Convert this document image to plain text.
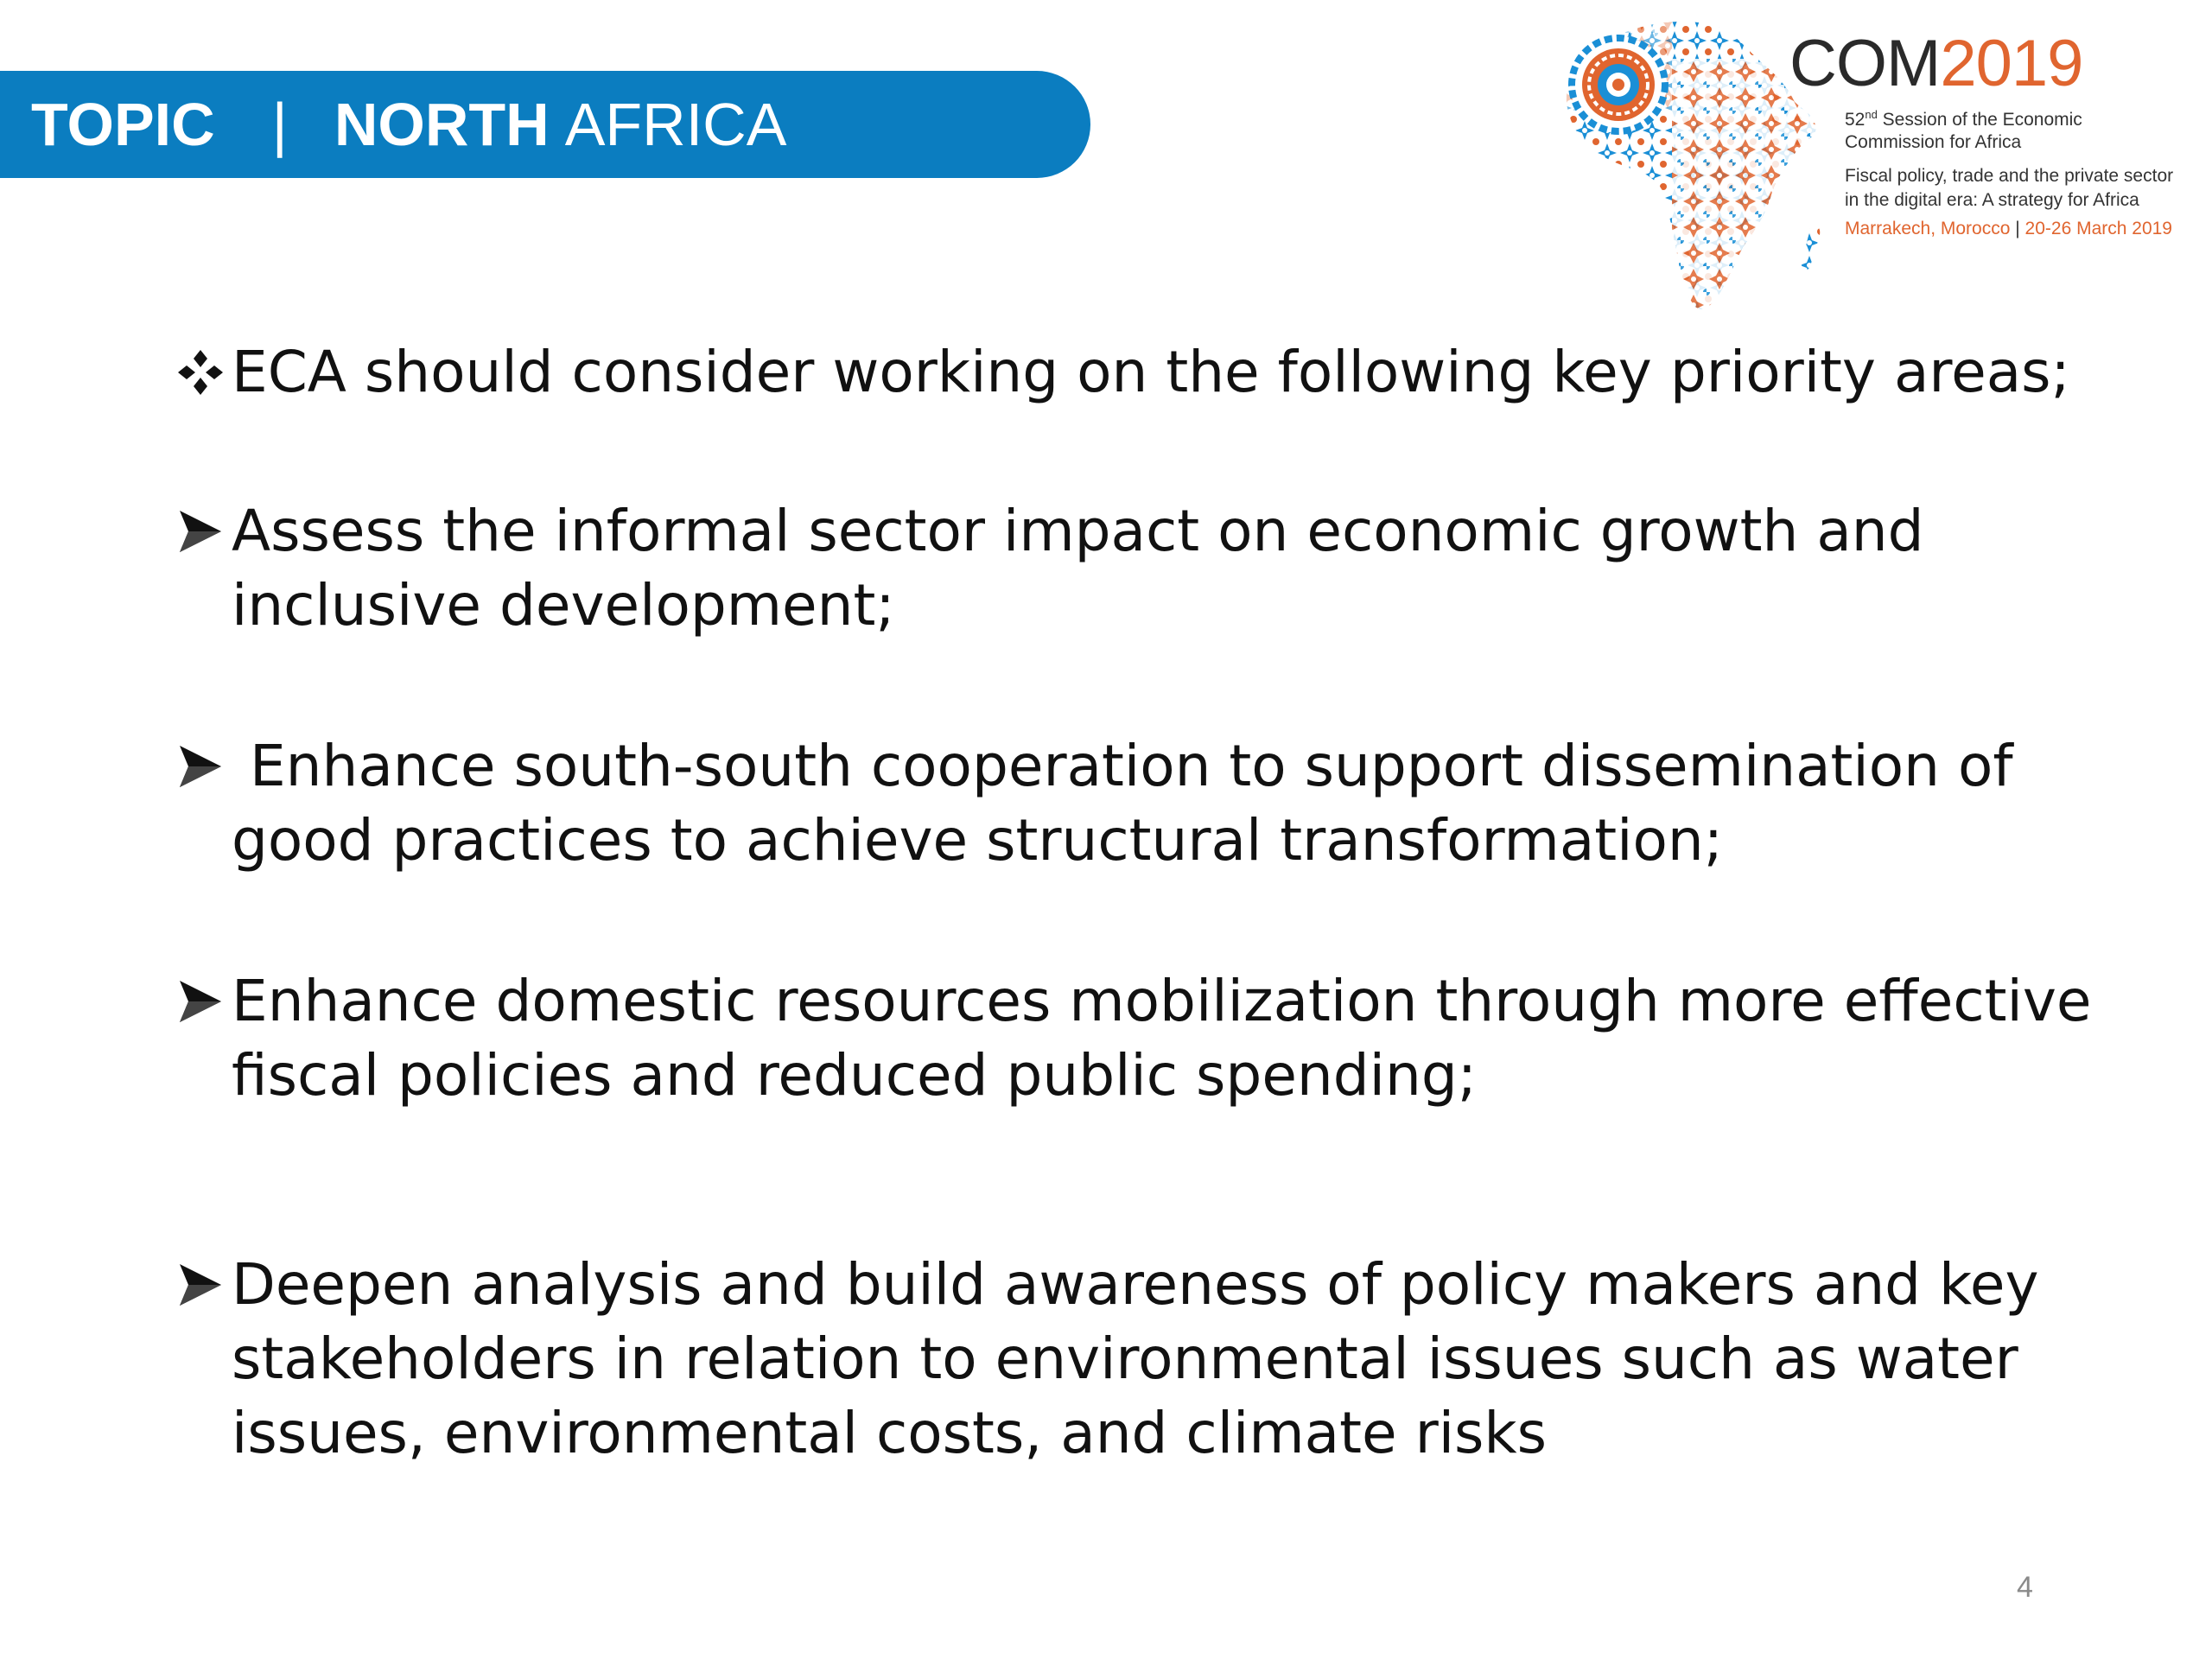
TOPIC | NORTH AFRICA
COM2019
52nd Session of the Economic
Commission for Africa
Fiscal policy, trade and the private sector
in the digital era: A strategy for Africa
Marrakech, Morocco | 20-26 March 2019
ECA should consider working on the following key priority areas;
Assess the informal sector impact on economic growth and
inclusive development;
Enhance south-south cooperation to support dissemination of
good practices to achieve structural transformation;
Enhance domestic resources mobilization through more effective
fiscal policies and reduced public spending;
Deepen analysis and build awareness of policy makers and key
stakeholders in relation to environmental issues such as water
issues, environmental costs, and climate risks
4
